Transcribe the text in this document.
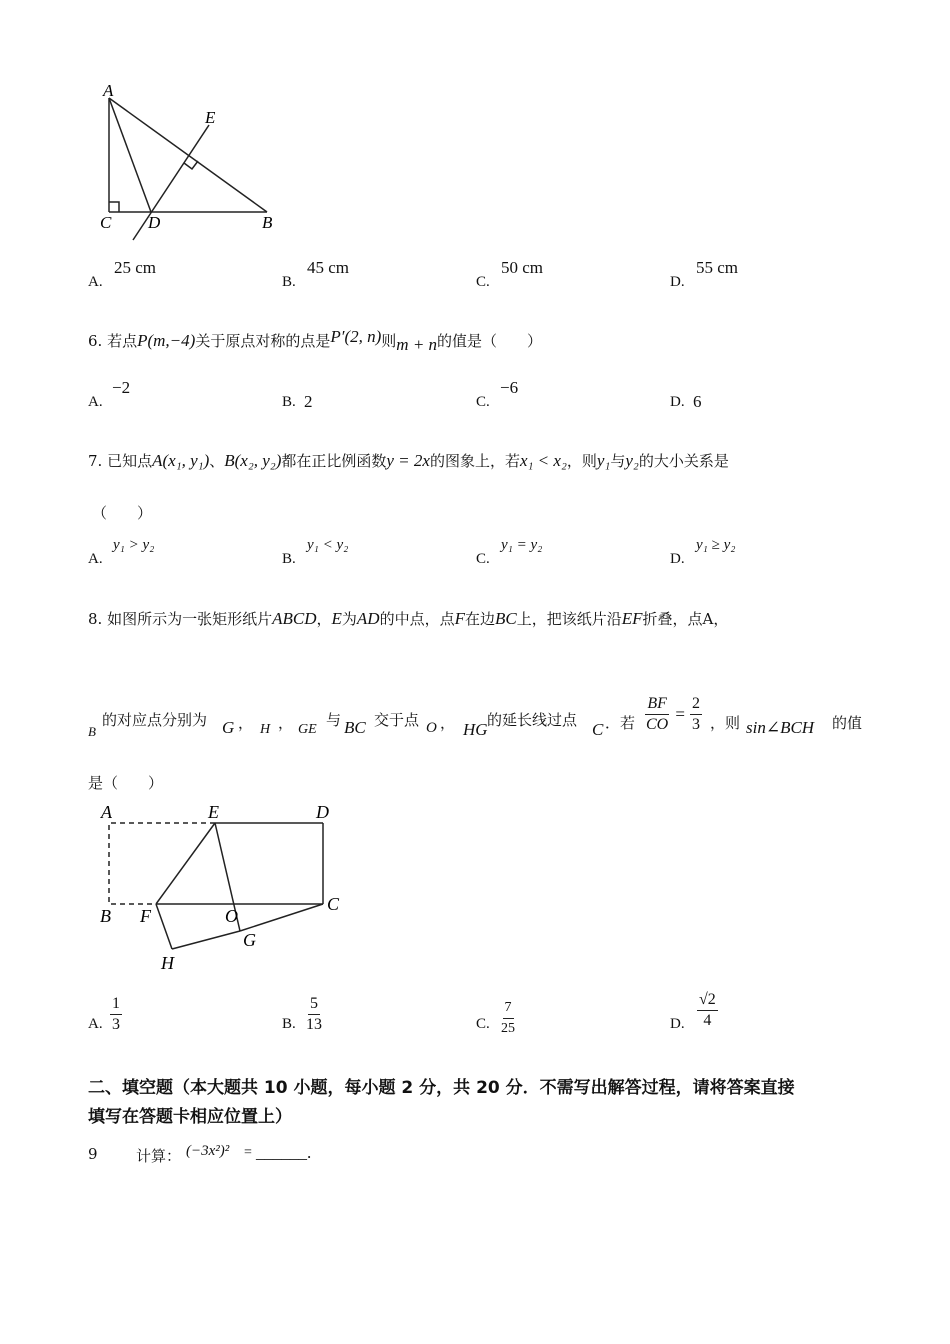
A
E
C D	B
A.
25 cm
B.
45 cm
C.
50 cm
D.
55 cm
6. 若点P(m,−4)关于原点对称的点是P′(2, n)则m + n的值是（　　）
A.
−2
B. 2	C.
−6
D. 6
7. 已知点A(x₁, y₁)、B(x₂, y₂)都在正比例函数y = 2x的图象上，若x₁ < x₂，则y₁与y₂的大小关系是
（　　）
A.
y₁ > y₂
B.
y₁ < y₂
C.
y₁ = y₂
D.
y₁ ≥ y₂
8. 如图所示为一张矩形纸片ABCD，E为AD的中点，点F在边BC上，把该纸片沿EF折叠，点A，
B
的对应点分别为 G ， H ， GE
与 BC 交于点 O ， HG 的延长线过点 C ．若 $\frac{BF}{CO} = \frac{2}{3}$ ，则 sin∠BCH 的值
是（　　）
A	E	D
B F	O
C
G
H
A. $\frac{1}{3}$	B. $\frac{5}{13}$	C. $\frac{7}{25}$	D. $\frac{√2}{4}$
二、填空题（本大题共 10 小题，每小题 2 分，共 20 分．不需写出解答过程，请将答案直接
填写在答题卡相应位置上）
9	计算： (−3x²)² = ______.
